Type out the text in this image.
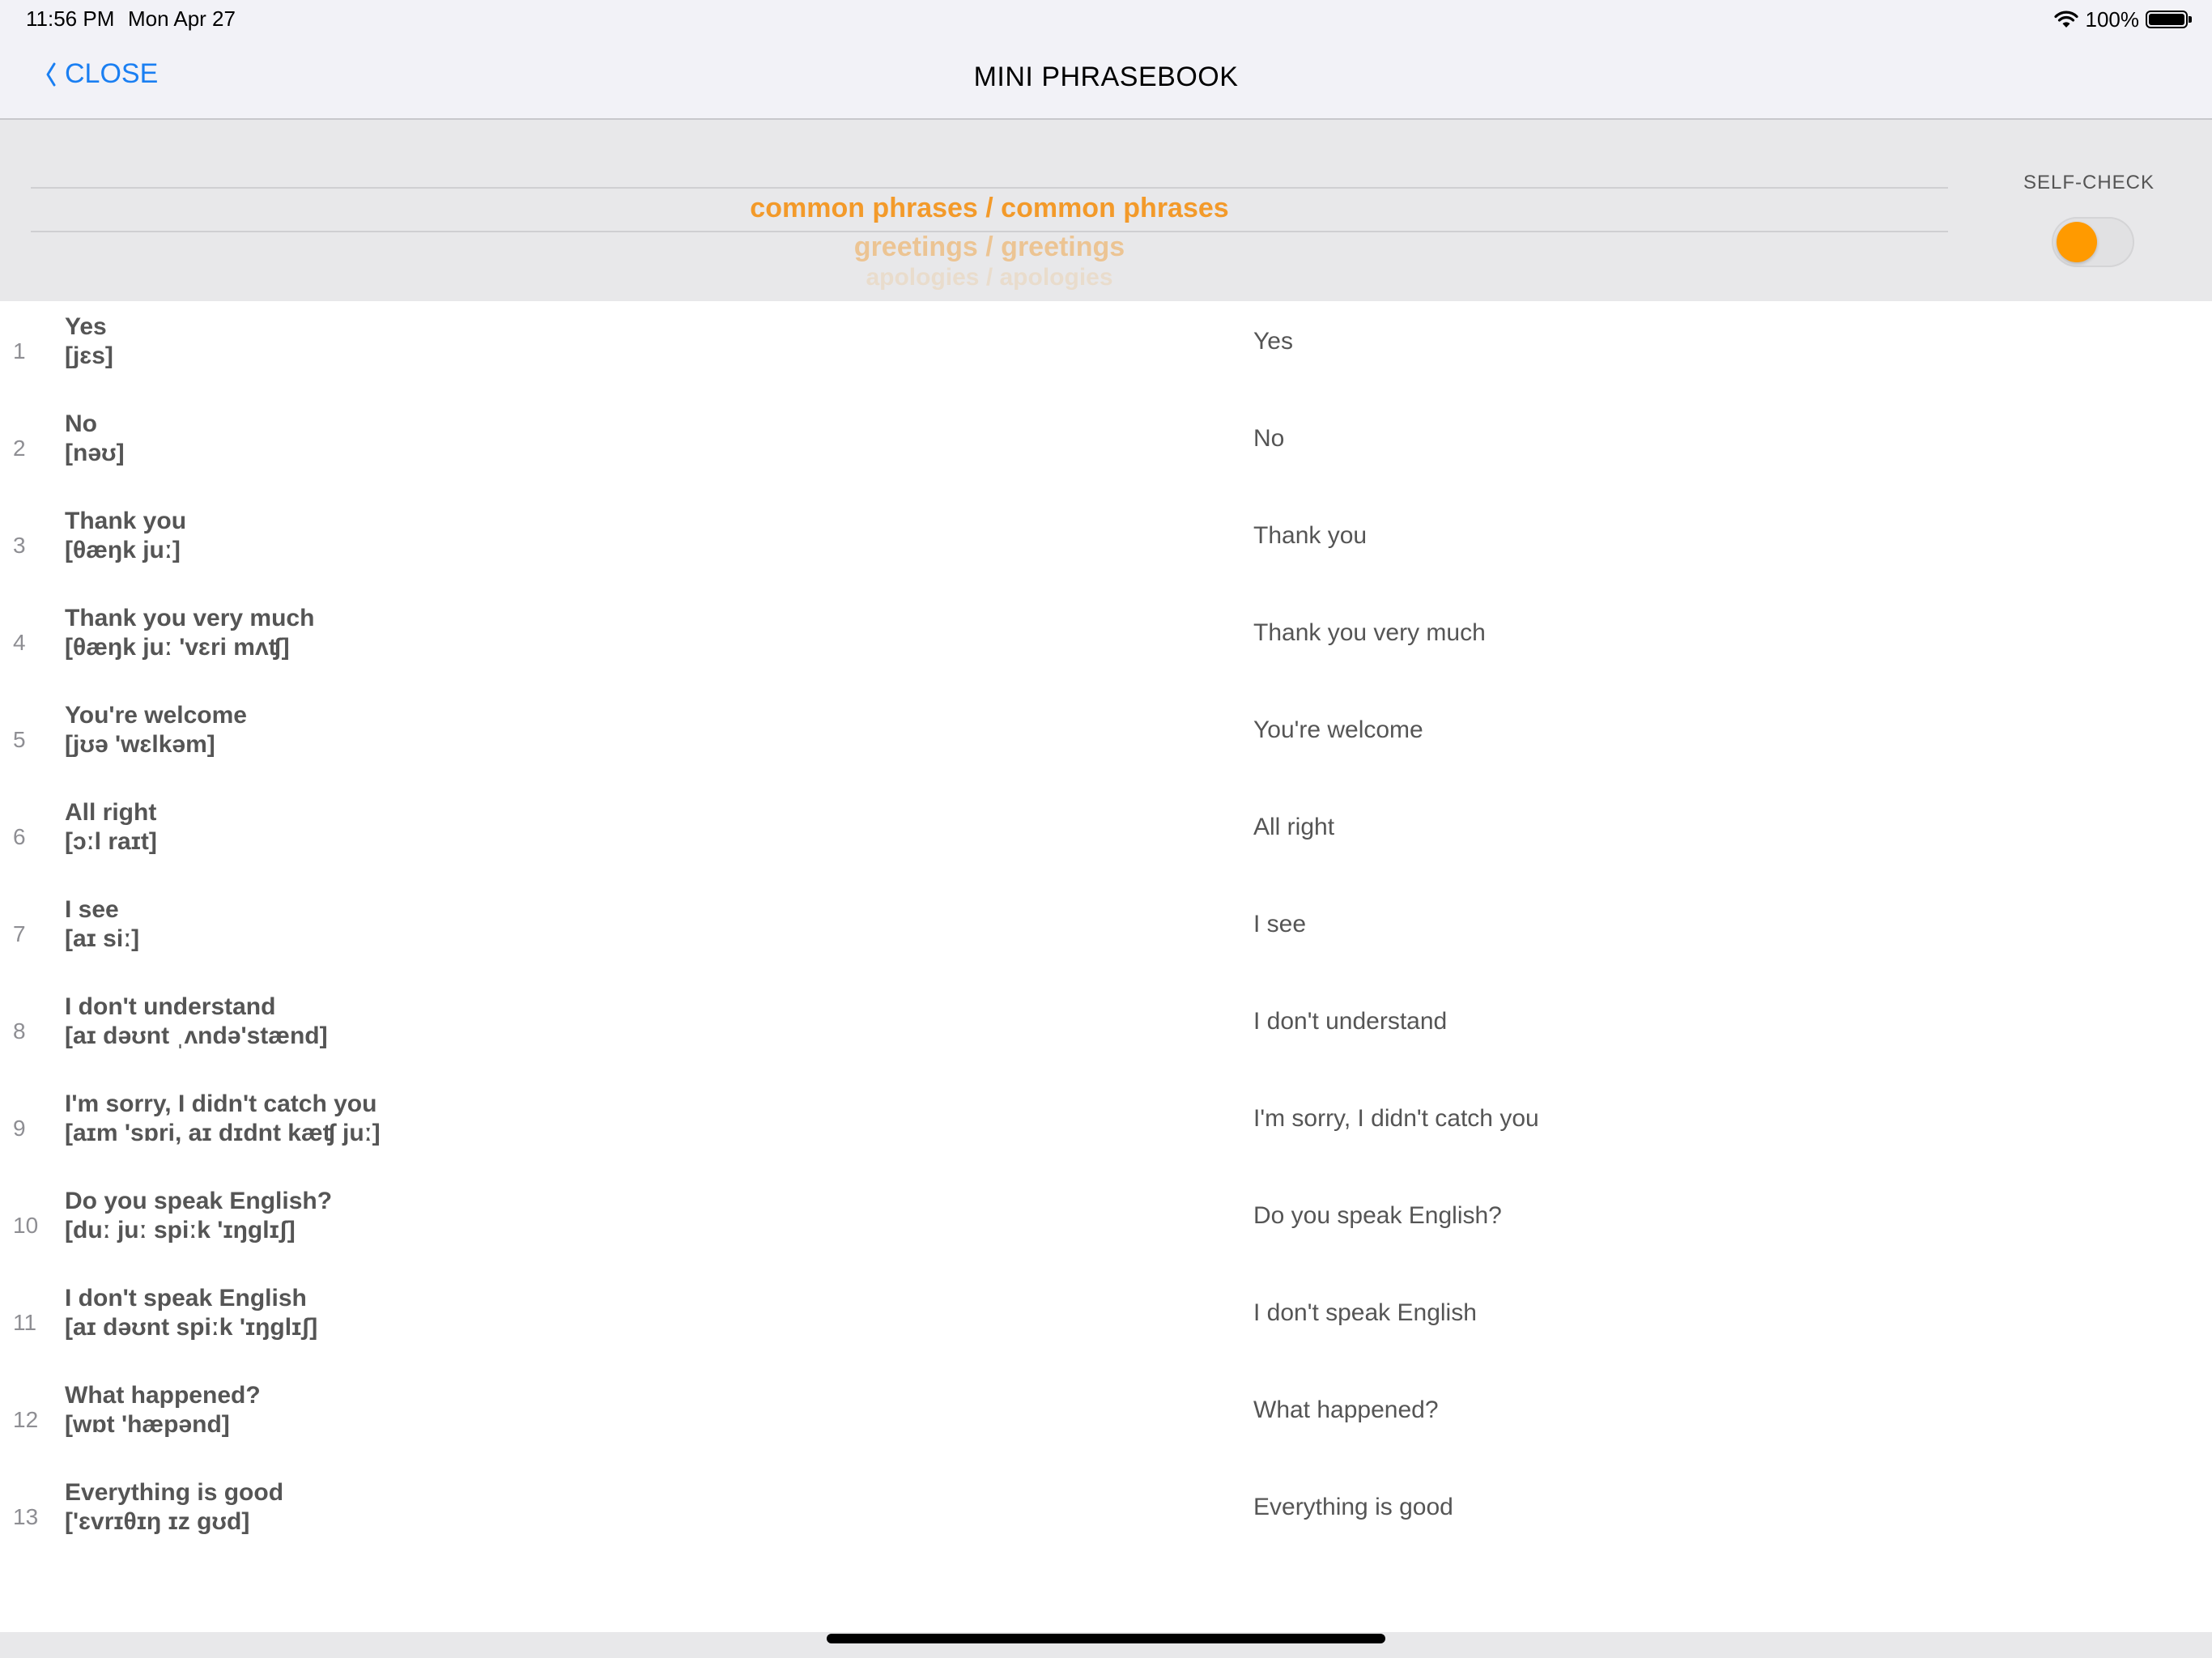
11:56 PM Mon Apr 27	100%
CLOSE	MINI PHRASEBOOK
common phrases / common phrases
greetings / greetings
apologies / apologies
SELF-CHECK
1
Yes
[jɛs]
Yes
2
No
[nəʊ]
No
3
Thank you
[θæŋk juː]
Thank you
4
Thank you very much
[θæŋk juː 'vɛri mʌʧ]
Thank you very much
5
You're welcome
[jʊə 'wɛlkəm]
You're welcome
6
All right
[ɔːl raɪt]
All right
7
I see
[aɪ siː]
I see
8
I don't understand
[aɪ dəʊnt ˌʌndə'stænd]
I don't understand
9
I'm sorry, I didn't catch you
[aɪm 'sɒri, aɪ dɪdnt kæʧ juː]
I'm sorry, I didn't catch you
10
Do you speak English?
[duː juː spiːk 'ɪŋglɪʃ]
Do you speak English?
11
I don't speak English
[aɪ dəʊnt spiːk 'ɪŋglɪʃ]
I don't speak English
12
What happened?
[wɒt 'hæpənd]
What happened?
13
Everything is good
['ɛvrɪθɪŋ ɪz gʊd]
Everything is good
